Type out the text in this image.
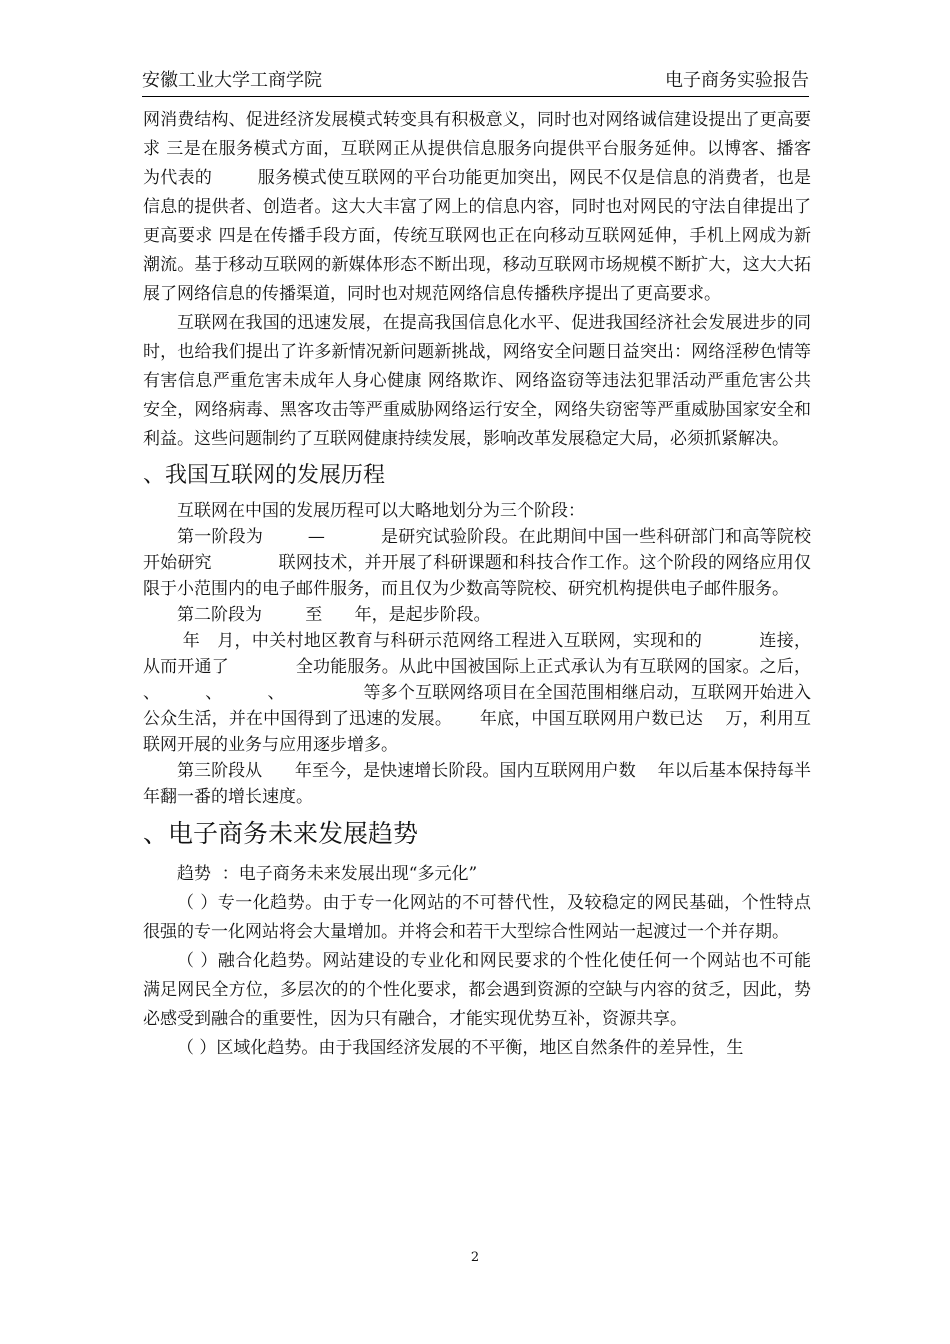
安徽工业大学工商学院	电子商务实验报告

网消费结构、促进经济发展模式转变具有积极意义，同时也对网络诚信建设提出了更高要求 三是在服务模式方面，互联网正从提供信息服务向提供平台服务延伸。以博客、播客为代表的        服务模式使互联网的平台功能更加突出，网民不仅是信息的消费者，也是信息的提供者、创造者。这大大丰富了网上的信息内容，同时也对网民的守法自律提出了更高要求 四是在传播手段方面，传统互联网也正在向移动互联网延伸，手机上网成为新潮流。基于移动互联网的新媒体形态不断出现，移动互联网市场规模不断扩大，这大大拓展了网络信息的传播渠道，同时也对规范网络信息传播秩序提出了更高要求。

互联网在我国的迅速发展，在提高我国信息化水平、促进我国经济社会发展进步的同时，也给我们提出了许多新情况新问题新挑战，网络安全问题日益突出：网络淫秽色情等有害信息严重危害未成年人身心健康 网络欺诈、网络盗窃等违法犯罪活动严重危害公共安全，网络病毒、黑客攻击等严重威胁网络运行安全，网络失窃密等严重威胁国家安全和利益。这些问题制约了互联网健康持续发展，影响改革发展稳定大局，必须抓紧解决。

、我国互联网的发展历程

互联网在中国的发展历程可以大略地划分为三个阶段：

第一阶段为        —          是研究试验阶段。在此期间中国一些科研部门和高等院校开始研究            联网技术，并开展了科研课题和科技合作工作。这个阶段的网络应用仅限于小范围内的电子邮件服务，而且仅为少数高等院校、研究机构提供电子邮件服务。

第二阶段为        至      年，是起步阶段。

年   月，中关村地区教育与科研示范网络工程进入互联网，实现和的          连接，从而开通了            全功能服务。从此中国被国际上正式承认为有互联网的国家。之后，            、        、        、              等多个互联网络项目在全国范围相继启动，互联网开始进入公众生活，并在中国得到了迅速的发展。     年底，中国互联网用户数已达    万，利用互联网开展的业务与应用逐步增多。

第三阶段从      年至今，是快速增长阶段。国内互联网用户数    年以后基本保持每半年翻一番的增长速度。

、电子商务未来发展趋势

趋势  ：电子商务未来发展出现“多元化”

（ ）专一化趋势。由于专一化网站的不可替代性，及较稳定的网民基础，个性特点很强的专一化网站将会大量增加。并将会和若干大型综合性网站一起渡过一个并存期。

（ ）融合化趋势。网站建设的专业化和网民要求的个性化使任何一个网站也不可能满足网民全方位，多层次的的个性化要求，都会遇到资源的空缺与内容的贫乏，因此，势必感受到融合的重要性，因为只有融合，才能实现优势互补，资源共享。

（ ）区域化趋势。由于我国经济发展的不平衡，地区自然条件的差异性，生

2
